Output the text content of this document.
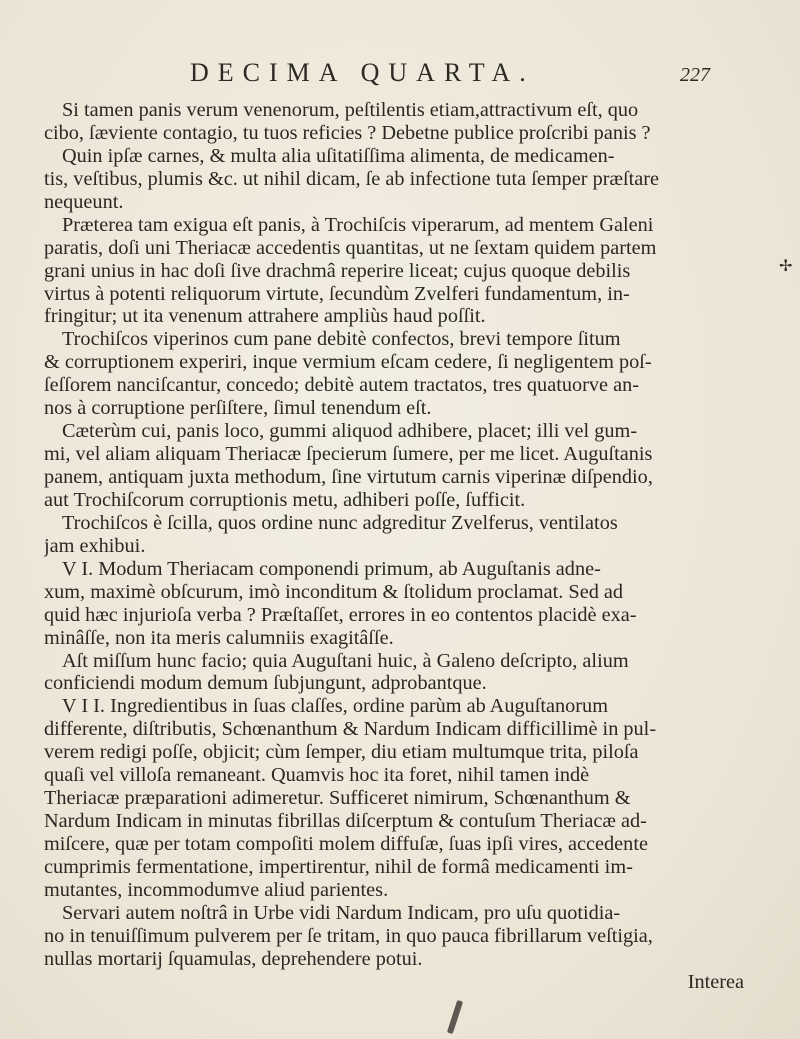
DECIMA QUARTA.	227
✢
Si tamen panis verum venenorum, peſtilentis etiam,attractivum eſt, quo
cibo, ſæviente contagio, tu tuos reficies ? Debetne publice proſcribi panis ?
Quin ipſæ carnes, & multa alia uſitatiſſima alimenta, de medicamen-
tis, veſtibus, plumis &c. ut nihil dicam, ſe ab infectione tuta ſemper præſtare
nequeunt.
Præterea tam exigua eſt panis, à Trochiſcis viperarum, ad mentem Galeni
paratis, doſi uni Theriacæ accedentis quantitas, ut ne ſextam quidem partem
grani unius in hac doſi ſive drachmâ reperire liceat; cujus quoque debilis
virtus à potenti reliquorum virtute, ſecundùm Zvelferi fundamentum, in-
fringitur; ut ita venenum attrahere ampliùs haud poſſit.
Trochiſcos viperinos cum pane debitè confectos, brevi tempore ſitum
& corruptionem experiri, inque vermium eſcam cedere, ſi negligentem poſ-
ſeſſorem nanciſcantur, concedo; debitè autem tractatos, tres quatuorve an-
nos à corruptione perſiſtere, ſimul tenendum eſt.
Cæterùm cui, panis loco, gummi aliquod adhibere, placet; illi vel gum-
mi, vel aliam aliquam Theriacæ ſpecierum ſumere, per me licet. Auguſtanis
panem, antiquam juxta methodum, ſine virtutum carnis viperinæ diſpendio,
aut Trochiſcorum corruptionis metu, adhiberi poſſe, ſufficit.
Trochiſcos è ſcilla, quos ordine nunc adgreditur Zvelferus, ventilatos
jam exhibui.
V I. Modum Theriacam componendi primum, ab Auguſtanis adne-
xum, maximè obſcurum, imò inconditum & ſtolidum proclamat. Sed ad
quid hæc injurioſa verba ? Præſtaſſet, errores in eo contentos placidè exa-
minâſſe, non ita meris calumniis exagitâſſe.
Aſt miſſum hunc facio; quia Auguſtani huic, à Galeno deſcripto, alium
conficiendi modum demum ſubjungunt, adprobantque.
V I I. Ingredientibus in ſuas claſſes, ordine parùm ab Auguſtanorum
differente, diſtributis, Schœnanthum & Nardum Indicam difficillimè in pul-
verem redigi poſſe, objicit; cùm ſemper, diu etiam multumque trita, piloſa
quaſi vel villoſa remaneant. Quamvis hoc ita foret, nihil tamen indè
Theriacæ præparationi adimeretur. Sufficeret nimirum, Schœnanthum &
Nardum Indicam in minutas fibrillas diſcerptum & contuſum Theriacæ ad-
miſcere, quæ per totam compoſiti molem diffuſæ, ſuas ipſi vires, accedente
cumprimis fermentatione, impertirentur, nihil de formâ medicamenti im-
mutantes, incommodumve aliud parientes.
Servari autem noſtrâ in Urbe vidi Nardum Indicam, pro uſu quotidia-
no in tenuiſſimum pulverem per ſe tritam, in quo pauca fibrillarum veſtigia,
nullas mortarij ſquamulas, deprehendere potui.
Interea
